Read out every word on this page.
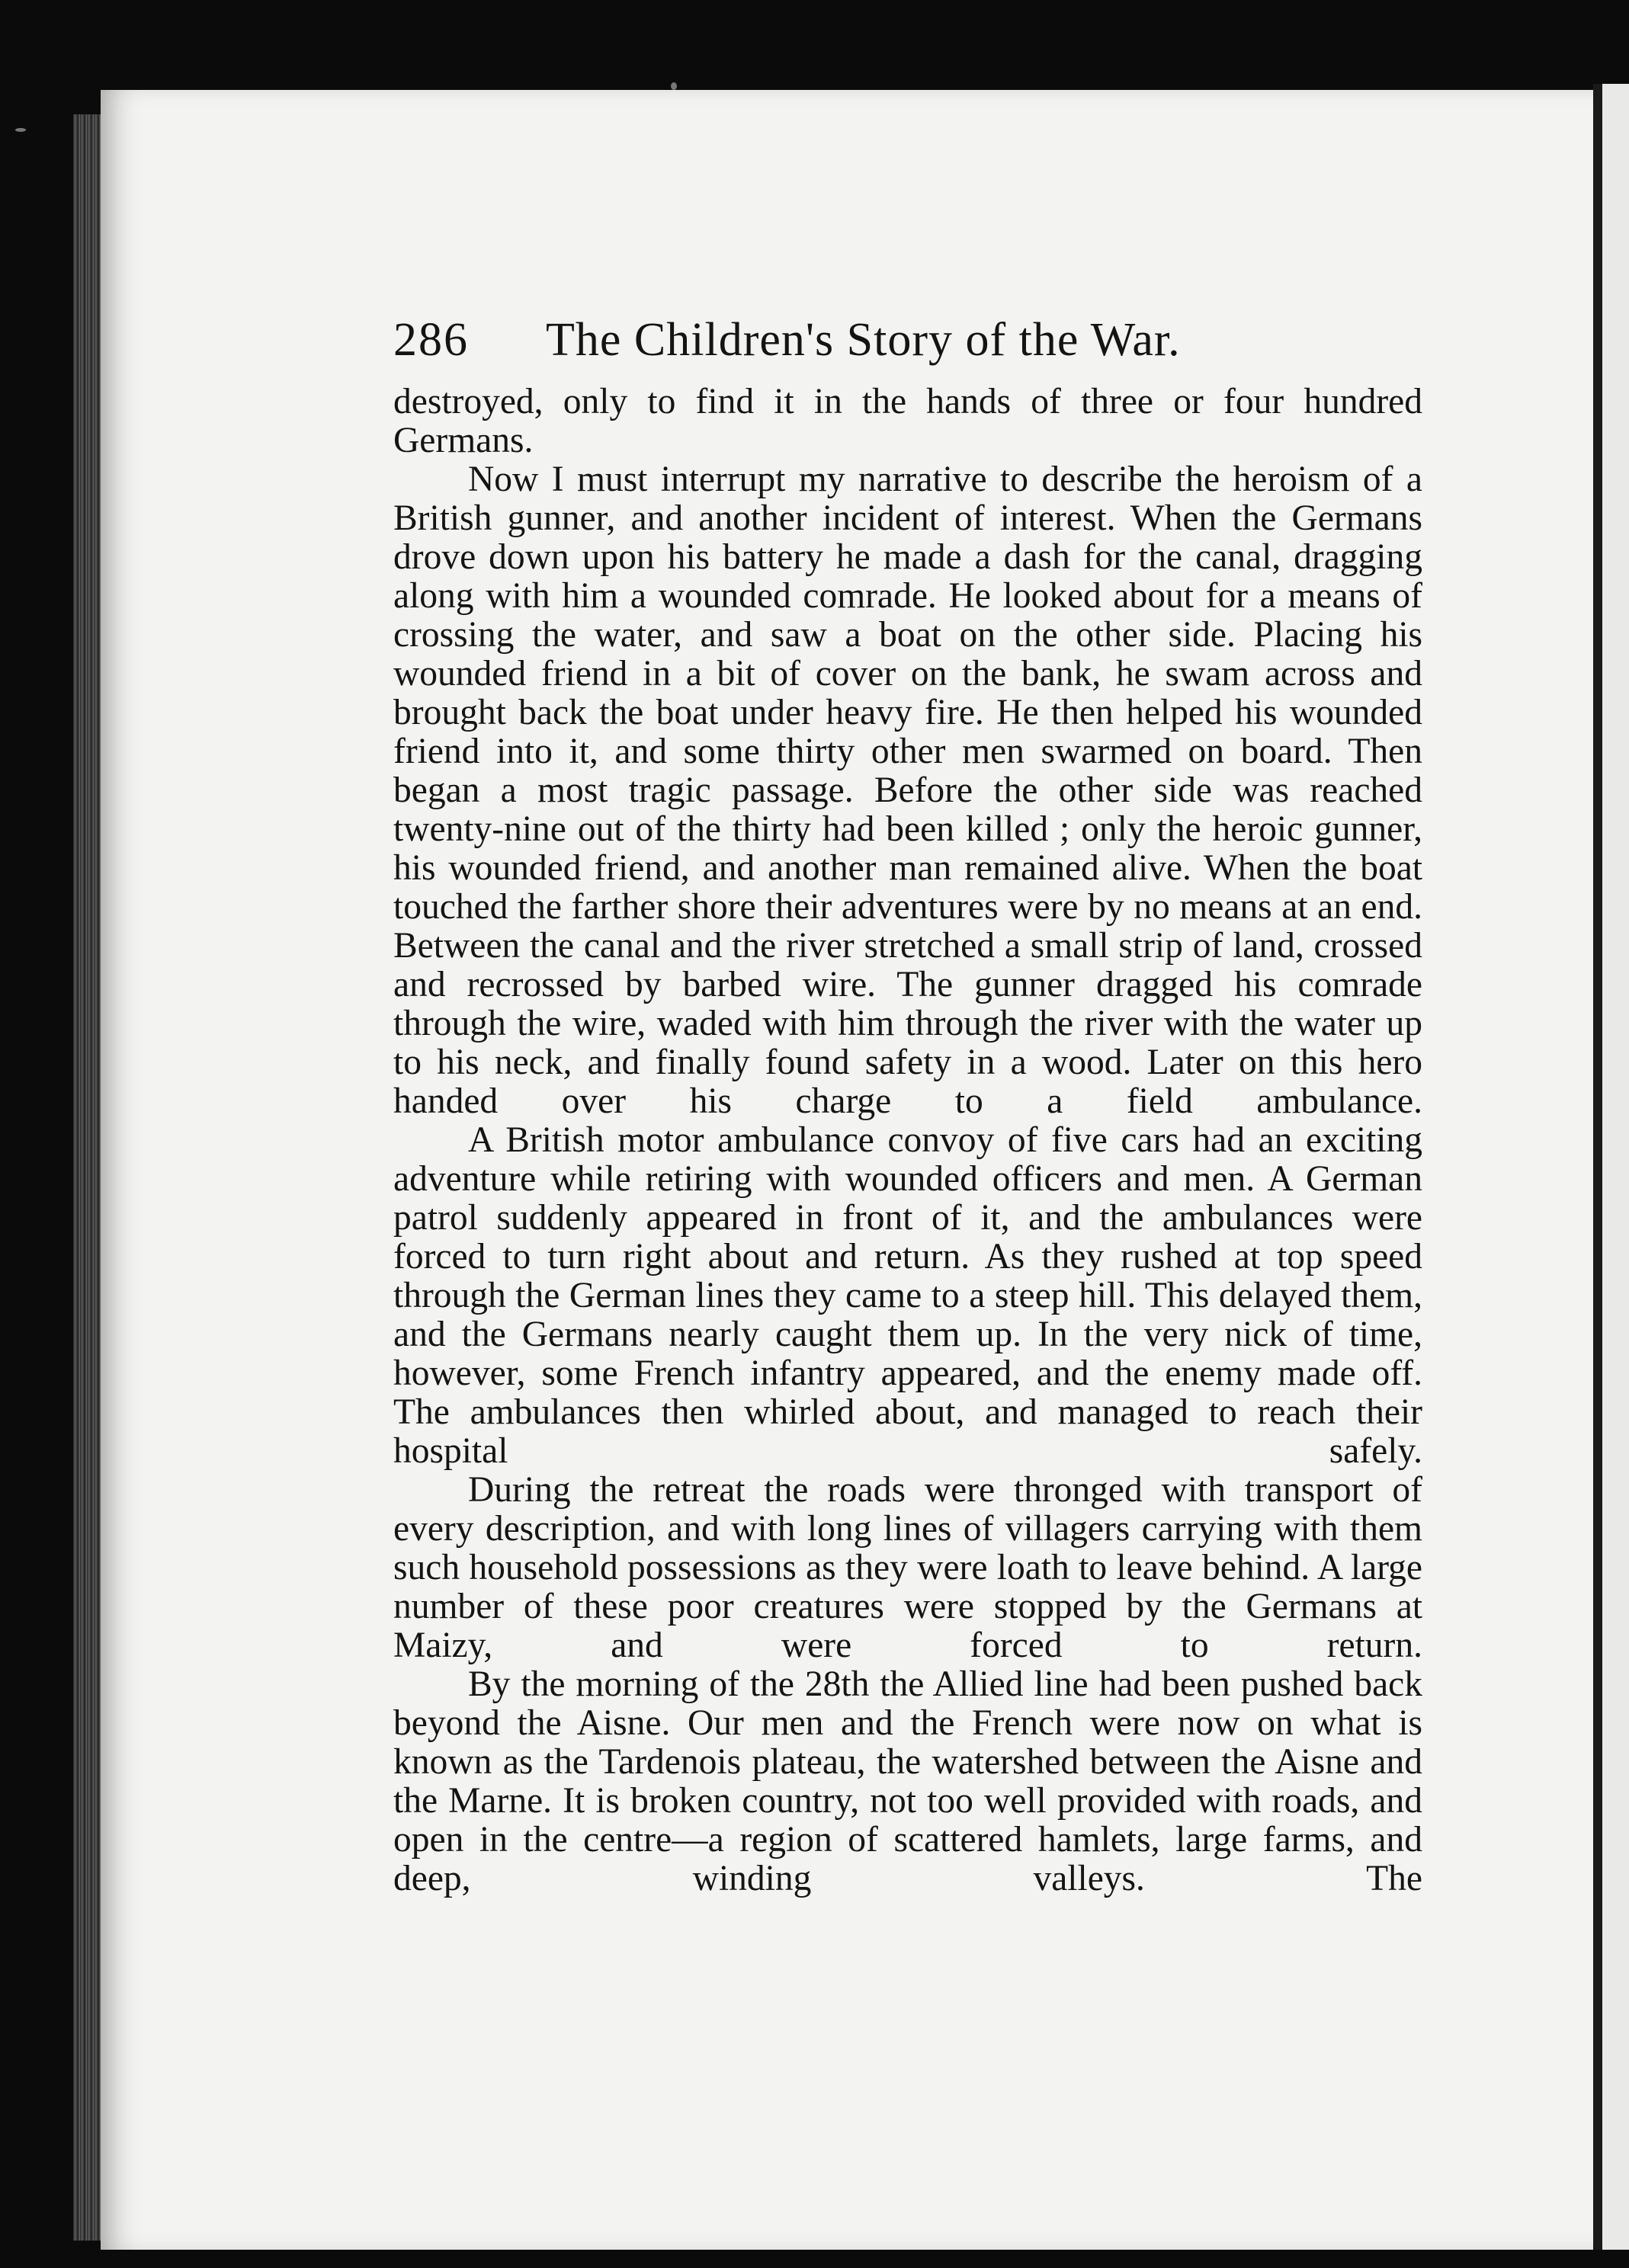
286	The Children's Story of the War.

destroyed, only to find it in the hands of three or four hundred Germans.

Now I must interrupt my narrative to describe the heroism of a British gunner, and another incident of interest. When the Germans drove down upon his battery he made a dash for the canal, dragging along with him a wounded comrade. He looked about for a means of crossing the water, and saw a boat on the other side. Placing his wounded friend in a bit of cover on the bank, he swam across and brought back the boat under heavy fire. He then helped his wounded friend into it, and some thirty other men swarmed on board. Then began a most tragic passage. Before the other side was reached twenty-nine out of the thirty had been killed ; only the heroic gunner, his wounded friend, and another man remained alive. When the boat touched the farther shore their adventures were by no means at an end. Between the canal and the river stretched a small strip of land, crossed and recrossed by barbed wire. The gunner dragged his comrade through the wire, waded with him through the river with the water up to his neck, and finally found safety in a wood. Later on this hero handed over his charge to a field ambulance.

A British motor ambulance convoy of five cars had an exciting adventure while retiring with wounded officers and men. A German patrol suddenly appeared in front of it, and the ambulances were forced to turn right about and return. As they rushed at top speed through the German lines they came to a steep hill. This delayed them, and the Germans nearly caught them up. In the very nick of time, however, some French infantry appeared, and the enemy made off. The ambulances then whirled about, and managed to reach their hospital safely.

During the retreat the roads were thronged with transport of every description, and with long lines of villagers carrying with them such household possessions as they were loath to leave behind. A large number of these poor creatures were stopped by the Germans at Maizy, and were forced to return.

By the morning of the 28th the Allied line had been pushed back beyond the Aisne. Our men and the French were now on what is known as the Tardenois plateau, the watershed between the Aisne and the Marne. It is broken country, not too well provided with roads, and open in the centre—a region of scattered hamlets, large farms, and deep, winding valleys. The
